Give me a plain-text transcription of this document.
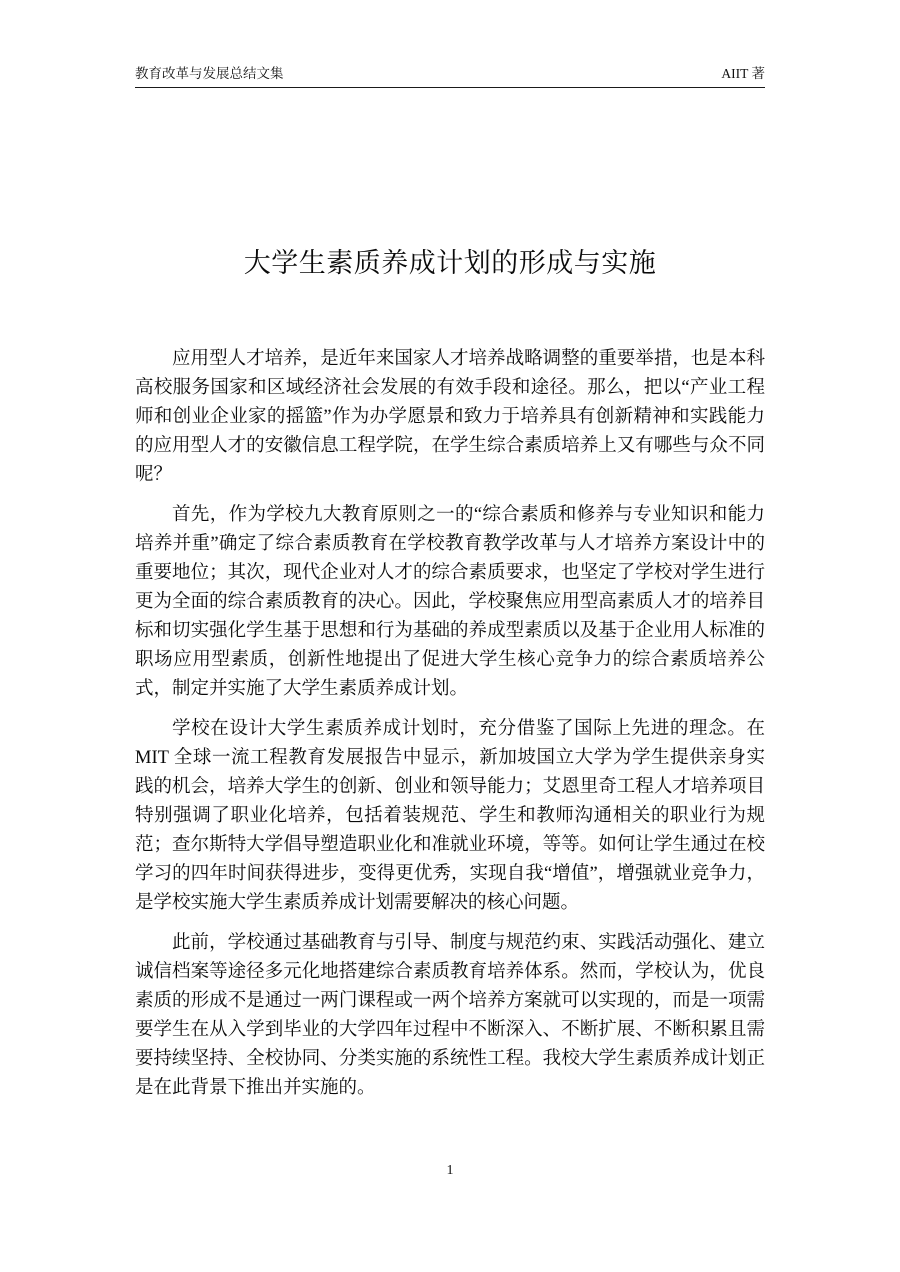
教育改革与发展总结文集	AIIT 著
大学生素质养成计划的形成与实施

应用型人才培养，是近年来国家人才培养战略调整的重要举措，也是本科高校服务国家和区域经济社会发展的有效手段和途径。那么，把以“产业工程师和创业企业家的摇篮”作为办学愿景和致力于培养具有创新精神和实践能力的应用型人才的安徽信息工程学院，在学生综合素质培养上又有哪些与众不同呢？

首先，作为学校九大教育原则之一的“综合素质和修养与专业知识和能力培养并重”确定了综合素质教育在学校教育教学改革与人才培养方案设计中的重要地位；其次，现代企业对人才的综合素质要求，也坚定了学校对学生进行更为全面的综合素质教育的决心。因此，学校聚焦应用型高素质人才的培养目标和切实强化学生基于思想和行为基础的养成型素质以及基于企业用人标准的职场应用型素质，创新性地提出了促进大学生核心竞争力的综合素质培养公式，制定并实施了大学生素质养成计划。

学校在设计大学生素质养成计划时，充分借鉴了国际上先进的理念。在MIT 全球一流工程教育发展报告中显示，新加坡国立大学为学生提供亲身实践的机会，培养大学生的创新、创业和领导能力；艾恩里奇工程人才培养项目特别强调了职业化培养，包括着装规范、学生和教师沟通相关的职业行为规范；查尔斯特大学倡导塑造职业化和准就业环境，等等。如何让学生通过在校学习的四年时间获得进步，变得更优秀，实现自我“增值”，增强就业竞争力，是学校实施大学生素质养成计划需要解决的核心问题。

此前，学校通过基础教育与引导、制度与规范约束、实践活动强化、建立诚信档案等途径多元化地搭建综合素质教育培养体系。然而，学校认为，优良素质的形成不是通过一两门课程或一两个培养方案就可以实现的，而是一项需要学生在从入学到毕业的大学四年过程中不断深入、不断扩展、不断积累且需要持续坚持、全校协同、分类实施的系统性工程。我校大学生素质养成计划正是在此背景下推出并实施的。

1
